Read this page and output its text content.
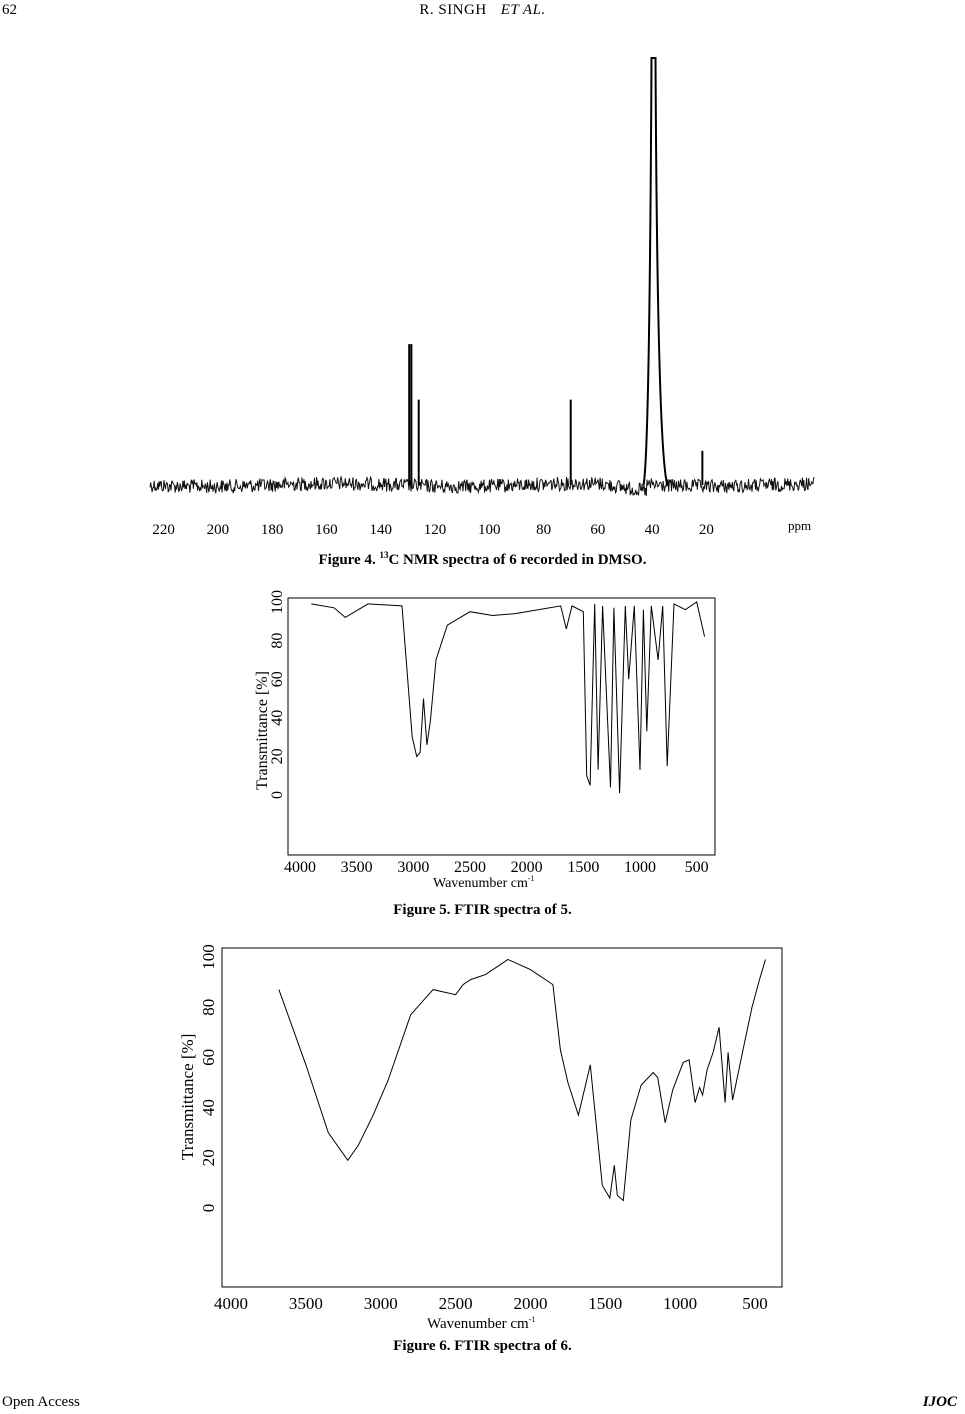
62	R. SINGH ET AL.
220 200 180 160 140 120 100 80	60	40	20	ppm
Figure 4. $^{13}$C NMR spectra of 6 recorded in DMSO.
4000 3500 3000 2500 2000 1500 1000 500
0
20
40
60
80
100
Transmittance [%]
Wavenumber $cm^{-1}$
Figure 5. FTIR spectra of 5.
4000 3500 3000 2500 2000 1500 1000	500
0
20
40
60
80
100
Transmittance [%]
Wavenumber $cm^{-1}$
Figure 6. FTIR spectra of 6.
Open Access	IJOC
